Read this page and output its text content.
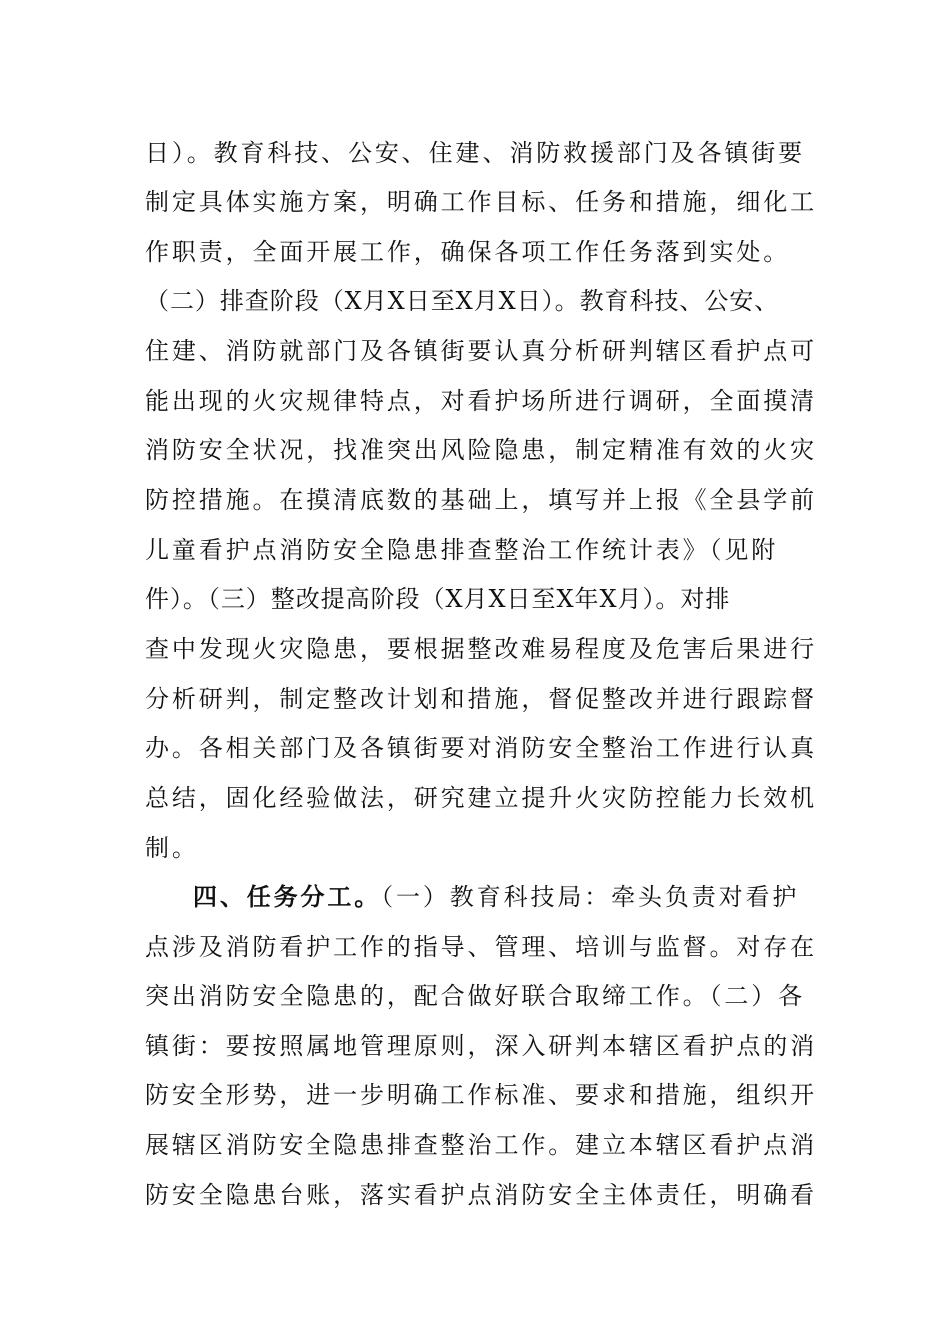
日）。教育科技、公安、住建、消防救援部门及各镇街要
制定具体实施方案，明确工作目标、任务和措施，细化工
作职责，全面开展工作，确保各项工作任务落到实处。
（二）排查阶段（X月X日至X月X日）。教育科技、公安、
住建、消防就部门及各镇街要认真分析研判辖区看护点可
能出现的火灾规律特点，对看护场所进行调研，全面摸清
消防安全状况，找准突出风险隐患，制定精准有效的火灾
防控措施。在摸清底数的基础上，填写并上报《全县学前
儿童看护点消防安全隐患排查整治工作统计表》（见附
件）。（三）整改提高阶段（X月X日至X年X月）。对排
查中发现火灾隐患，要根据整改难易程度及危害后果进行
分析研判，制定整改计划和措施，督促整改并进行跟踪督
办。各相关部门及各镇街要对消防安全整治工作进行认真
总结，固化经验做法，研究建立提升火灾防控能力长效机
制。
四、任务分工。（一）教育科技局：牵头负责对看护
点涉及消防看护工作的指导、管理、培训与监督。对存在
突出消防安全隐患的，配合做好联合取缔工作。（二）各
镇街：要按照属地管理原则，深入研判本辖区看护点的消
防安全形势，进一步明确工作标准、要求和措施，组织开
展辖区消防安全隐患排查整治工作。建立本辖区看护点消
防安全隐患台账，落实看护点消防安全主体责任，明确看
